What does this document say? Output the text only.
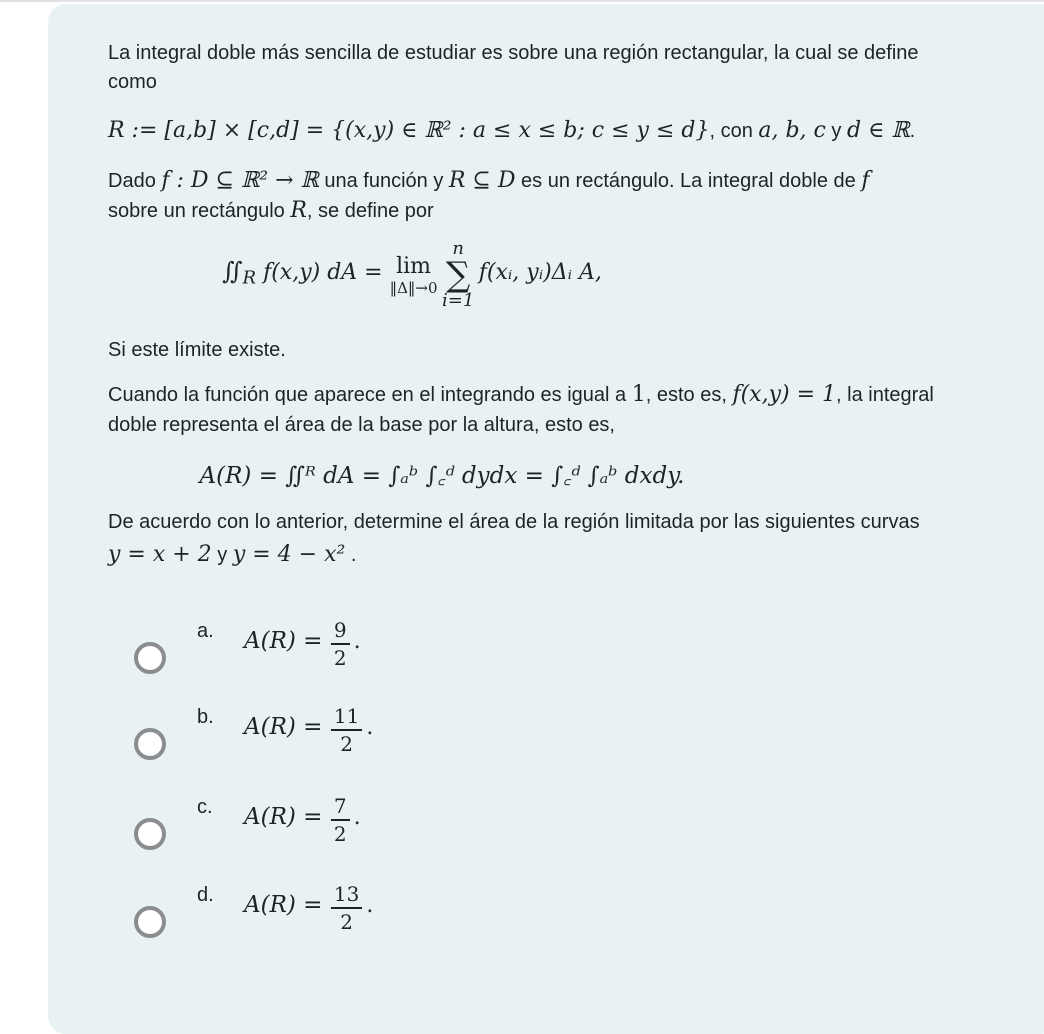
La integral doble más sencilla de estudiar es sobre una región rectangular, la cual se define
como
R := [a,b] × [c,d] = {(x,y) ∈ ℝ² : a ≤ x ≤ b; c ≤ y ≤ d}, con a, b, c y d ∈ ℝ.
Dado f : D ⊆ ℝ² → ℝ una función y R ⊆ D es un rectángulo. La integral doble de f
sobre un rectángulo R, se define por
$∬_R$ f(x,y) dA = lim
‖Δ‖→0

n
∑
i=1
f(xᵢ, yᵢ)Δᵢ A,
Si este límite existe.
Cuando la función que aparece en el integrando es igual a 1, esto es, f(x,y) = 1, la integral
doble representa el área de la base por la altura, esto es,
A(R) = ∬ᴿ dA = ∫ₐᵇ ∫꜀ᵈ dydx = ∫꜀ᵈ ∫ₐᵇ dxdy.
De acuerdo con lo anterior, determine el área de la región limitada por las siguientes curvas
y = x + 2 y y = 4 − x² .
a. $A(R) = \frac{9}{2}$ .
b. $A(R) = \frac{11}{2}$ .
c. $A(R) = \frac{7}{2}$ .
d. $A(R) = \frac{13}{2}$ .
